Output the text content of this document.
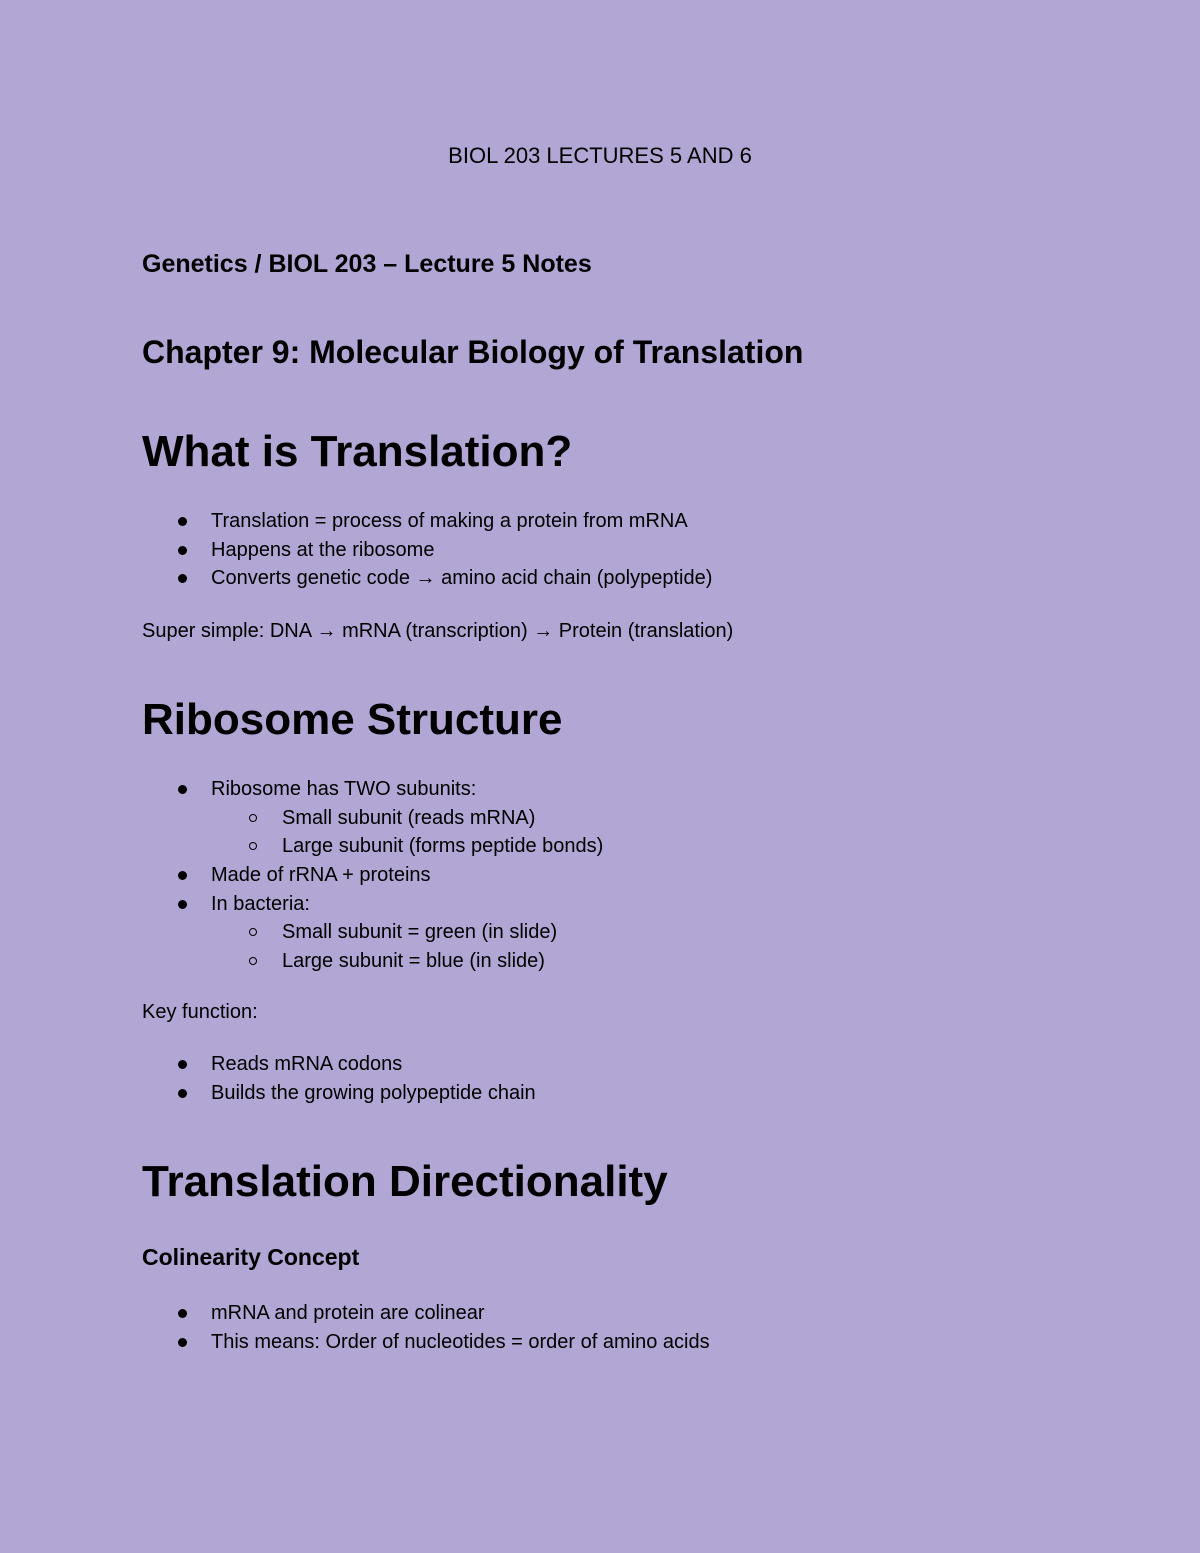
BIOL 203 LECTURES 5 AND 6
Genetics / BIOL 203 – Lecture 5 Notes
Chapter 9: Molecular Biology of Translation
What is Translation?
Translation = process of making a protein from mRNA
Happens at the ribosome
Converts genetic code → amino acid chain (polypeptide)
Super simple: DNA → mRNA (transcription) → Protein (translation)
Ribosome Structure
Ribosome has TWO subunits:
Small subunit (reads mRNA)
Large subunit (forms peptide bonds)
Made of rRNA + proteins
In bacteria:
Small subunit = green (in slide)
Large subunit = blue (in slide)
Key function:
Reads mRNA codons
Builds the growing polypeptide chain
Translation Directionality
Colinearity Concept
mRNA and protein are colinear
This means: Order of nucleotides = order of amino acids
